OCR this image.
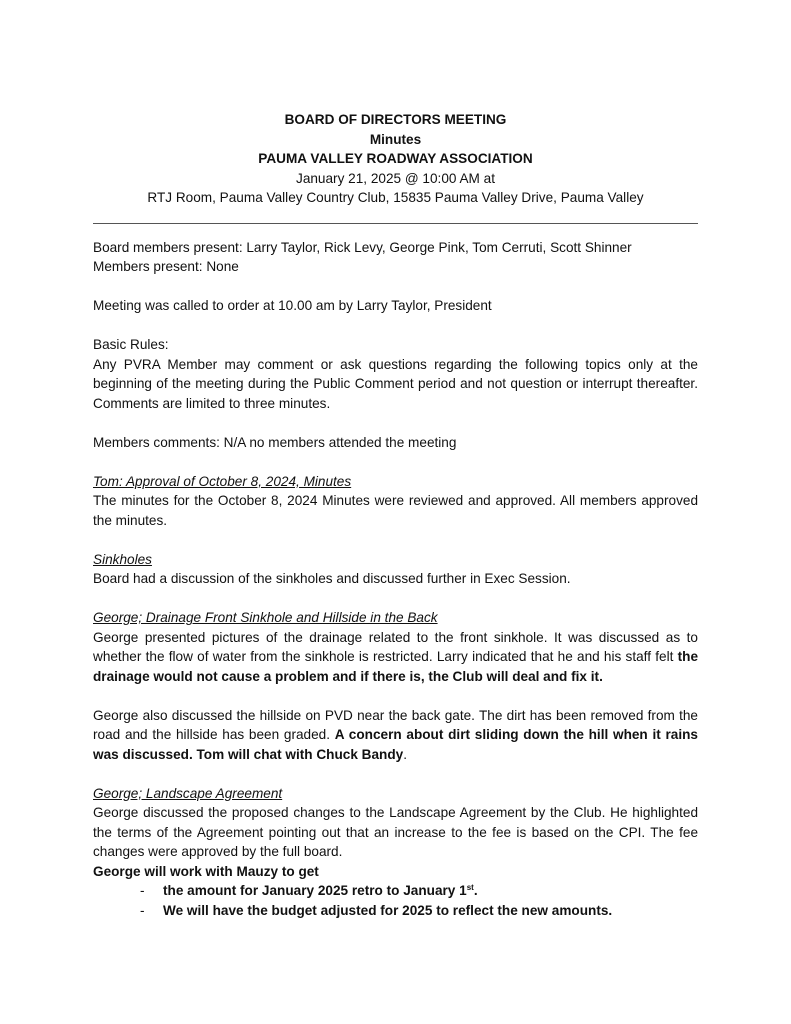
BOARD OF DIRECTORS MEETING
Minutes
PAUMA VALLEY ROADWAY ASSOCIATION
January 21, 2025 @ 10:00 AM at
RTJ Room, Pauma Valley Country Club, 15835 Pauma Valley Drive, Pauma Valley

Board members present: Larry Taylor, Rick Levy, George Pink, Tom Cerruti, Scott Shinner

Members present: None

Meeting was called to order at 10.00 am by Larry Taylor, President

Basic Rules:

Any PVRA Member may comment or ask questions regarding the following topics only at the beginning of the meeting during the Public Comment period and not question or interrupt thereafter. Comments are limited to three minutes.

Members comments: N/A no members attended the meeting

Tom: Approval of October 8, 2024, Minutes

The minutes for the October 8, 2024 Minutes were reviewed and approved. All members approved the minutes.

Sinkholes

Board had a discussion of the sinkholes and discussed further in Exec Session.

George; Drainage Front Sinkhole and Hillside in the Back

George presented pictures of the drainage related to the front sinkhole. It was discussed as to whether the flow of water from the sinkhole is restricted. Larry indicated that he and his staff felt the drainage would not cause a problem and if there is, the Club will deal and fix it.

George also discussed the hillside on PVD near the back gate. The dirt has been removed from the road and the hillside has been graded. A concern about dirt sliding down the hill when it rains was discussed. Tom will chat with Chuck Bandy.

George; Landscape Agreement

George discussed the proposed changes to the Landscape Agreement by the Club. He highlighted the terms of the Agreement pointing out that an increase to the fee is based on the CPI. The fee changes were approved by the full board.

George will work with Mauzy to get

- the amount for January 2025 retro to January 1st.
- We will have the budget adjusted for 2025 to reflect the new amounts.
